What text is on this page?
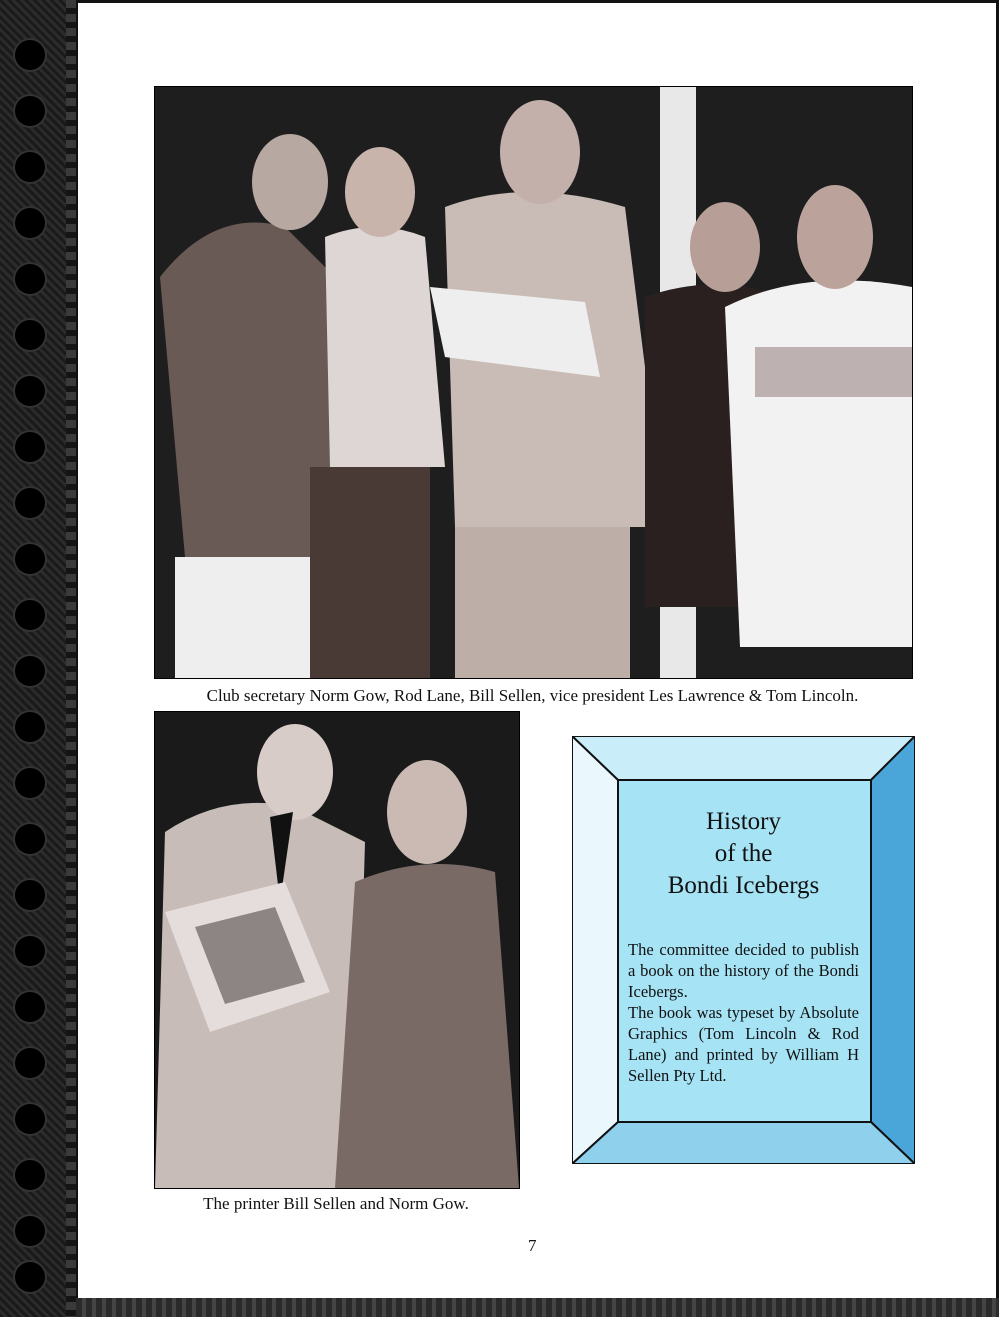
Club secretary Norm Gow, Rod Lane, Bill Sellen, vice president Les Lawrence & Tom Lincoln.
The printer Bill Sellen and Norm Gow.
History
of the
Bondi Icebergs

The committee decided to publish a book on the history of the Bondi Icebergs.

The book was typeset by Absolute Graphics (Tom Lincoln & Rod Lane) and printed by William H Sellen Pty Ltd.

7
